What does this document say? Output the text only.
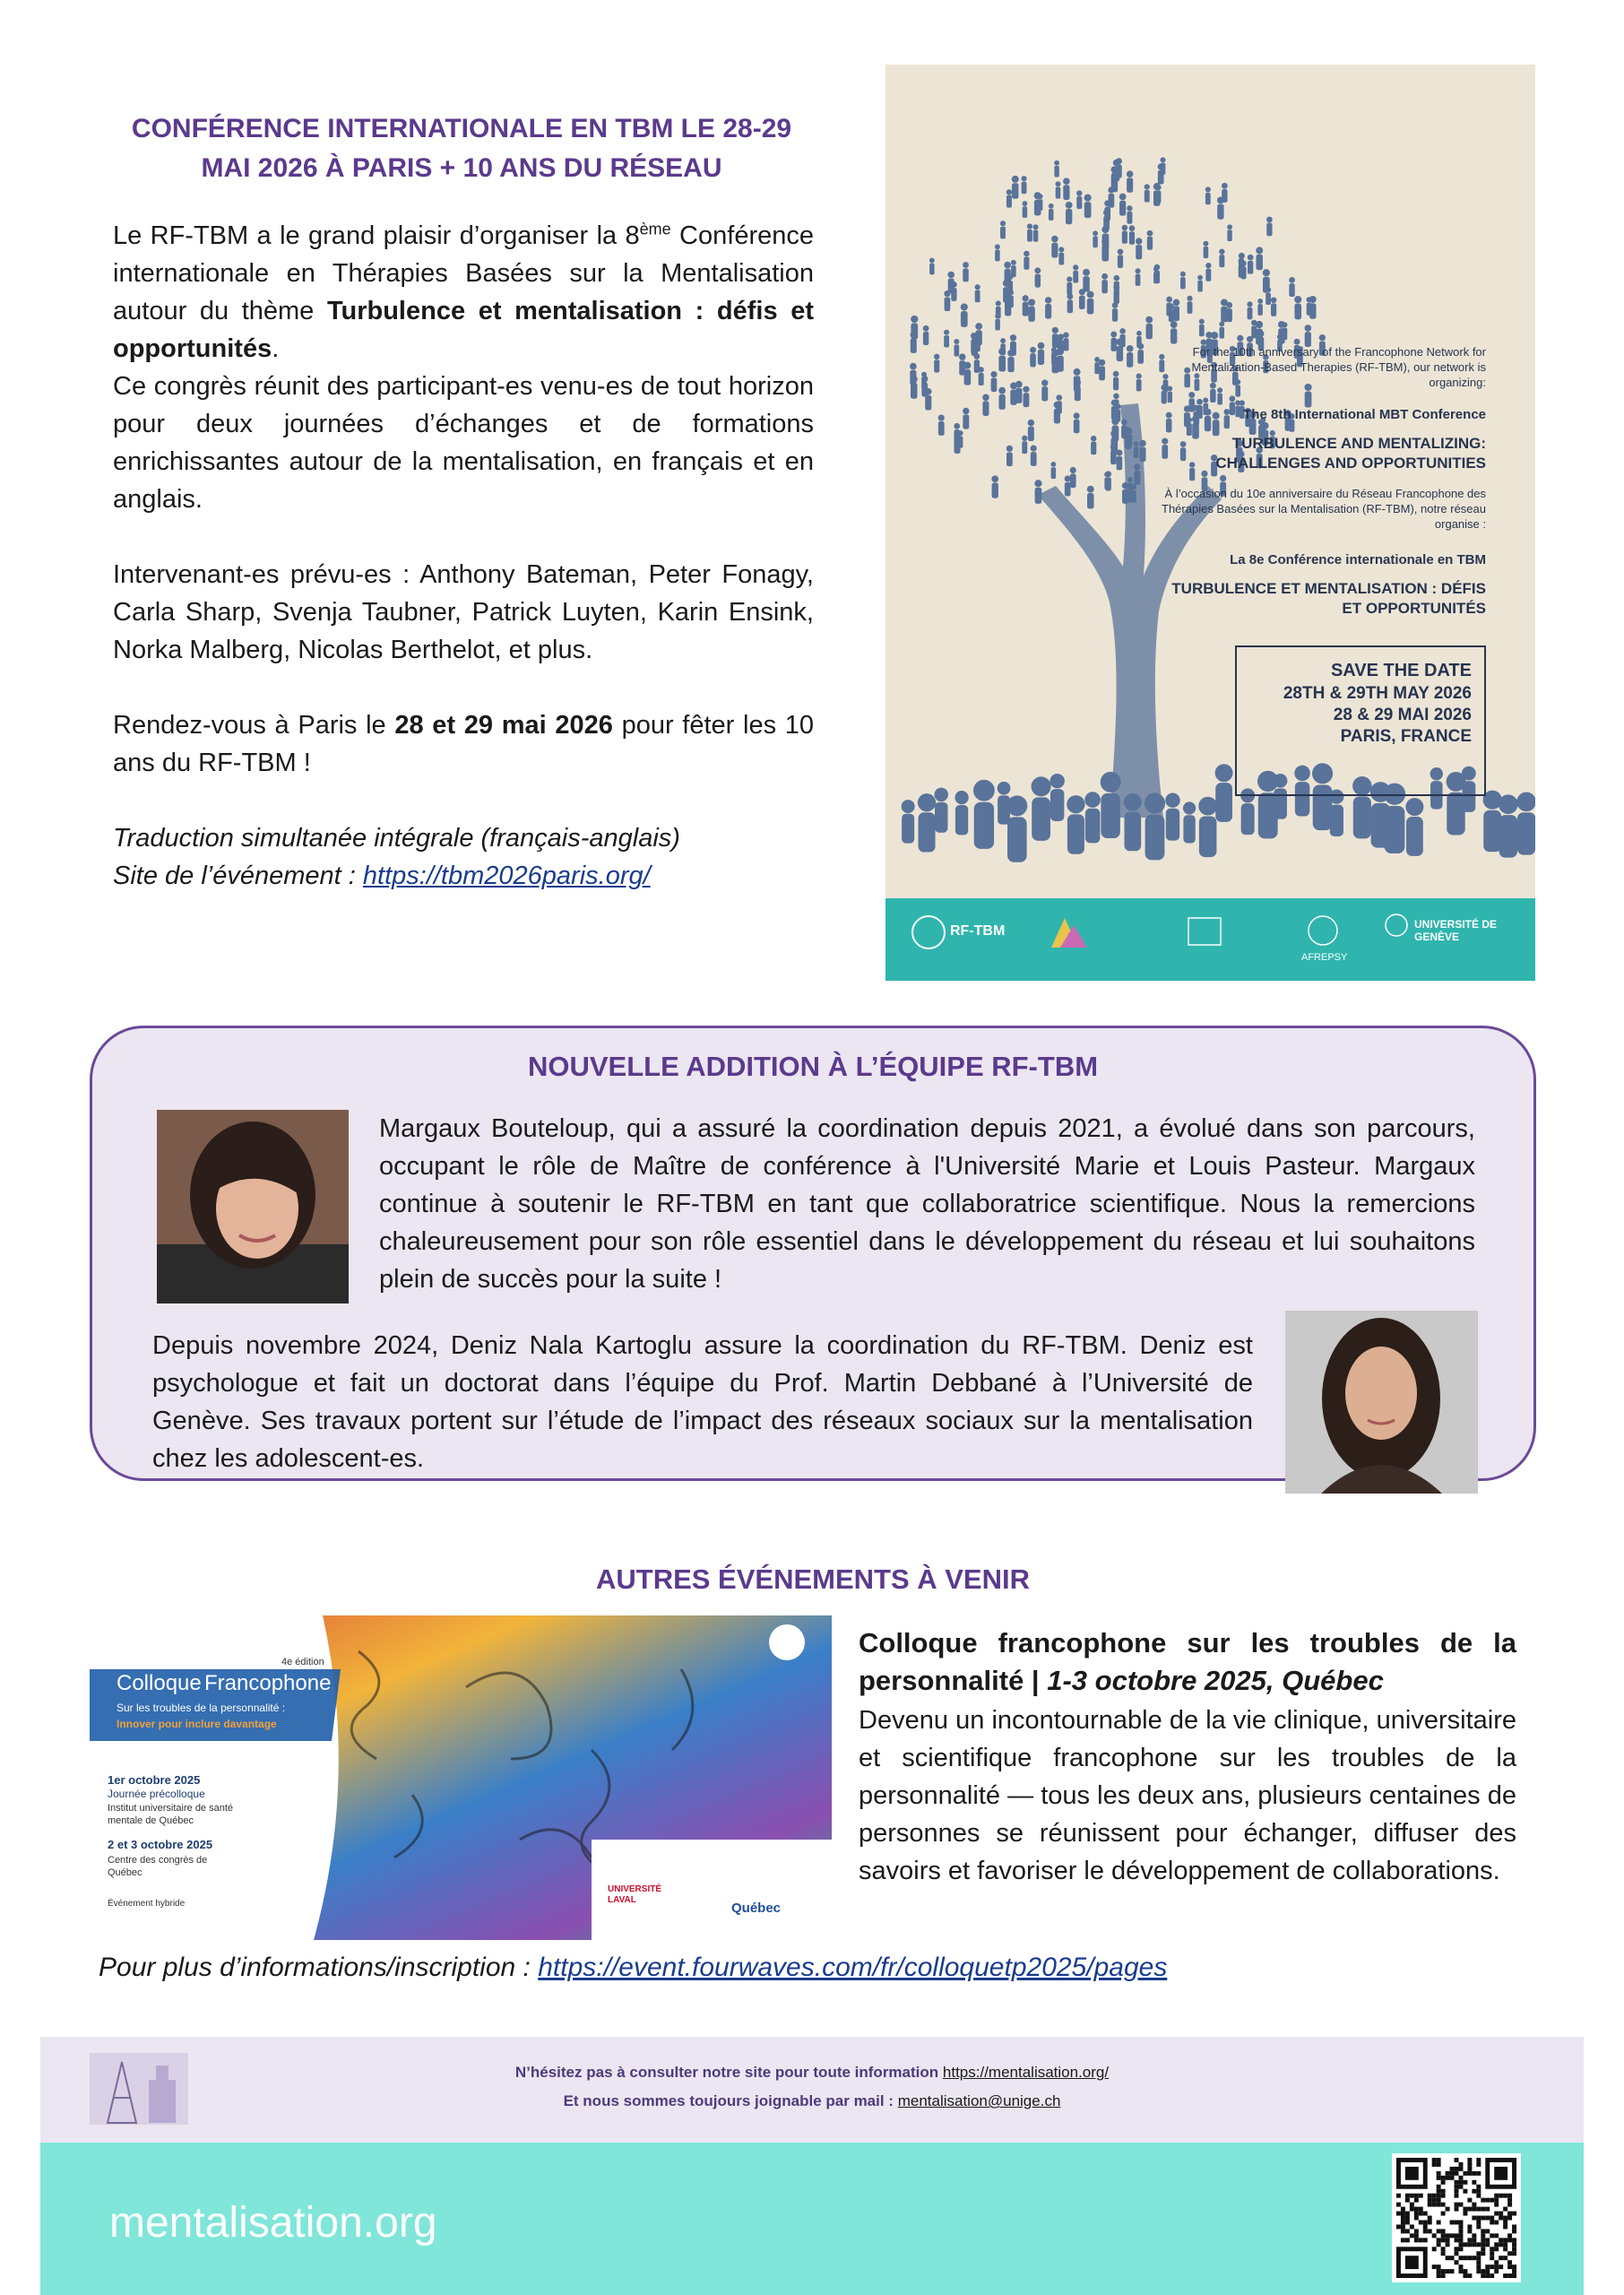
CONFÉRENCE INTERNATIONALE EN TBM LE 28-29 MAI 2026 À PARIS + 10 ANS DU RÉSEAU

Le RF-TBM a le grand plaisir d’organiser la 8ème Conférence internationale en Thérapies Basées sur la Mentalisation autour du thème Turbulence et mentalisation : défis et opportunités.

Ce congrès réunit des participant-es venu-es de tout horizon pour deux journées d’échanges et de formations enrichissantes autour de la mentalisation, en français et en anglais.

Intervenant-es prévu-es : Anthony Bateman, Peter Fonagy, Carla Sharp, Svenja Taubner, Patrick Luyten, Karin Ensink, Norka Malberg, Nicolas Berthelot, et plus.

Rendez-vous à Paris le 28 et 29 mai 2026 pour fêter les 10 ans du RF-TBM !

Traduction simultanée intégrale (français-anglais)

Site de l’événement : https://tbm2026paris.org/

For the 10th anniversary of the Francophone Network for Mentalization-Based Therapies (RF-TBM), our network is organizing:
The 8th International MBT Conference
TURBULENCE AND MENTALIZING: CHALLENGES AND OPPORTUNITIES
À l’occasion du 10e anniversaire du Réseau Francophone des Thérapies Basées sur la Mentalisation (RF-TBM), notre réseau organise :
La 8e Conférence internationale en TBM
TURBULENCE ET MENTALISATION : DÉFIS ET OPPORTUNITÉS
SAVE THE DATE
28TH & 29TH MAY 2026
28 & 29 MAI 2026
PARIS, FRANCE
RF-TBM
AFREPSY
UNIVERSITÉ DE GENÈVE
NOUVELLE ADDITION À L’ÉQUIPE RF-TBM
Margaux Bouteloup, qui a assuré la coordination depuis 2021, a évolué dans son parcours, occupant le rôle de Maître de conférence à l'Université Marie et Louis Pasteur. Margaux continue à soutenir le RF-TBM en tant que collaboratrice scientifique. Nous la remercions chaleureusement pour son rôle essentiel dans le développement du réseau et lui souhaitons plein de succès pour la suite !
Depuis novembre 2024, Deniz Nala Kartoglu assure la coordination du RF-TBM. Deniz est psychologue et fait un doctorat dans l’équipe du Prof. Martin Debbané à l’Université de Genève. Ses travaux portent sur l’étude de l’impact des réseaux sociaux sur la mentalisation chez les adolescent-es.
AUTRES ÉVÉNEMENTS À VENIR
4e édition
Colloque Francophone
Sur les troubles de la personnalité :
Innover pour inclure davantage
1er octobre 2025
Journée précolloque
Institut universitaire de santé mentale de Québec
2 et 3 octobre 2025
Centre des congrès de Québec
Événement hybride
UNIVERSITÉ LAVAL
Québec
Colloque francophone sur les troubles de la personnalité | 1-3 octobre 2025, Québec
Devenu un incontournable de la vie clinique, universitaire et scientifique francophone sur les troubles de la personnalité — tous les deux ans, plusieurs centaines de personnes se réunissent pour échanger, diffuser des savoirs et favoriser le développement de collaborations.
Pour plus d’informations/inscription : https://event.fourwaves.com/fr/colloquetp2025/pages
N’hésitez pas à consulter notre site pour toute information https://mentalisation.org/
Et nous sommes toujours joignable par mail : mentalisation@unige.ch
mentalisation.org
